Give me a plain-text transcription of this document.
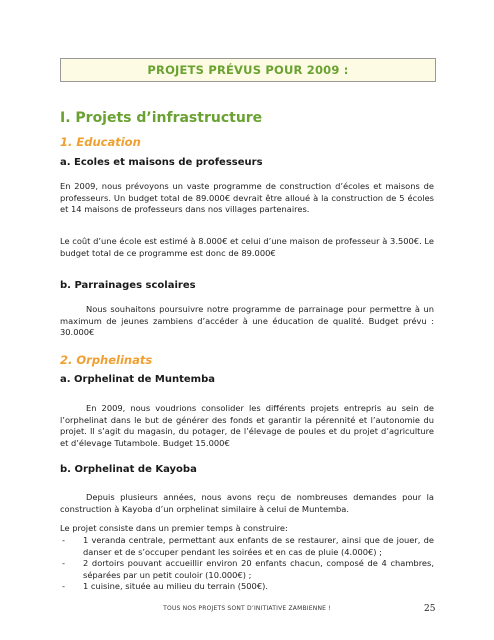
PROJETS PRÉVUS POUR 2009 :
I. Projets d’infrastructure
1. Education
a. Ecoles et maisons de professeurs

En 2009, nous prévoyons un vaste programme de construction d’écoles et maisons de professeurs. Un budget total de 89.000€ devrait être alloué à la construction de 5 écoles et 14 maisons de professeurs dans nos villages partenaires.

Le coût d’une école est estimé à 8.000€ et celui d’une maison de professeur à 3.500€. Le budget total de ce programme est donc de 89.000€

b. Parrainages scolaires

Nous souhaitons poursuivre notre programme de parrainage pour permettre à un maximum de jeunes zambiens d’accéder à une éducation de qualité. Budget prévu : 30.000€

2. Orphelinats
a. Orphelinat de Muntemba

En 2009, nous voudrions consolider les différents projets entrepris au sein de l’orphelinat dans le but de générer des fonds et garantir la pérennité et l’autonomie du projet. Il s’agit du magasin, du potager, de l’élevage de poules et du projet d’agriculture et d’élevage Tutambole. Budget 15.000€

b. Orphelinat de Kayoba

Depuis plusieurs années, nous avons reçu de nombreuses demandes pour la construction à Kayoba d’un orphelinat similaire à celui de Muntemba.

Le projet consiste dans un premier temps à construire:

- 1 veranda centrale, permettant aux enfants de se restaurer, ainsi que de jouer, de danser et de s’occuper pendant les soirées et en cas de pluie (4.000€) ;
- 2 dortoirs pouvant accueillir environ 20 enfants chacun, composé de 4 chambres, séparées par un petit couloir (10.000€) ;
- 1 cuisine, située au milieu du terrain (500€).
TOUS NOS PROJETS SONT D’INITIATIVE ZAMBIENNE !	25
